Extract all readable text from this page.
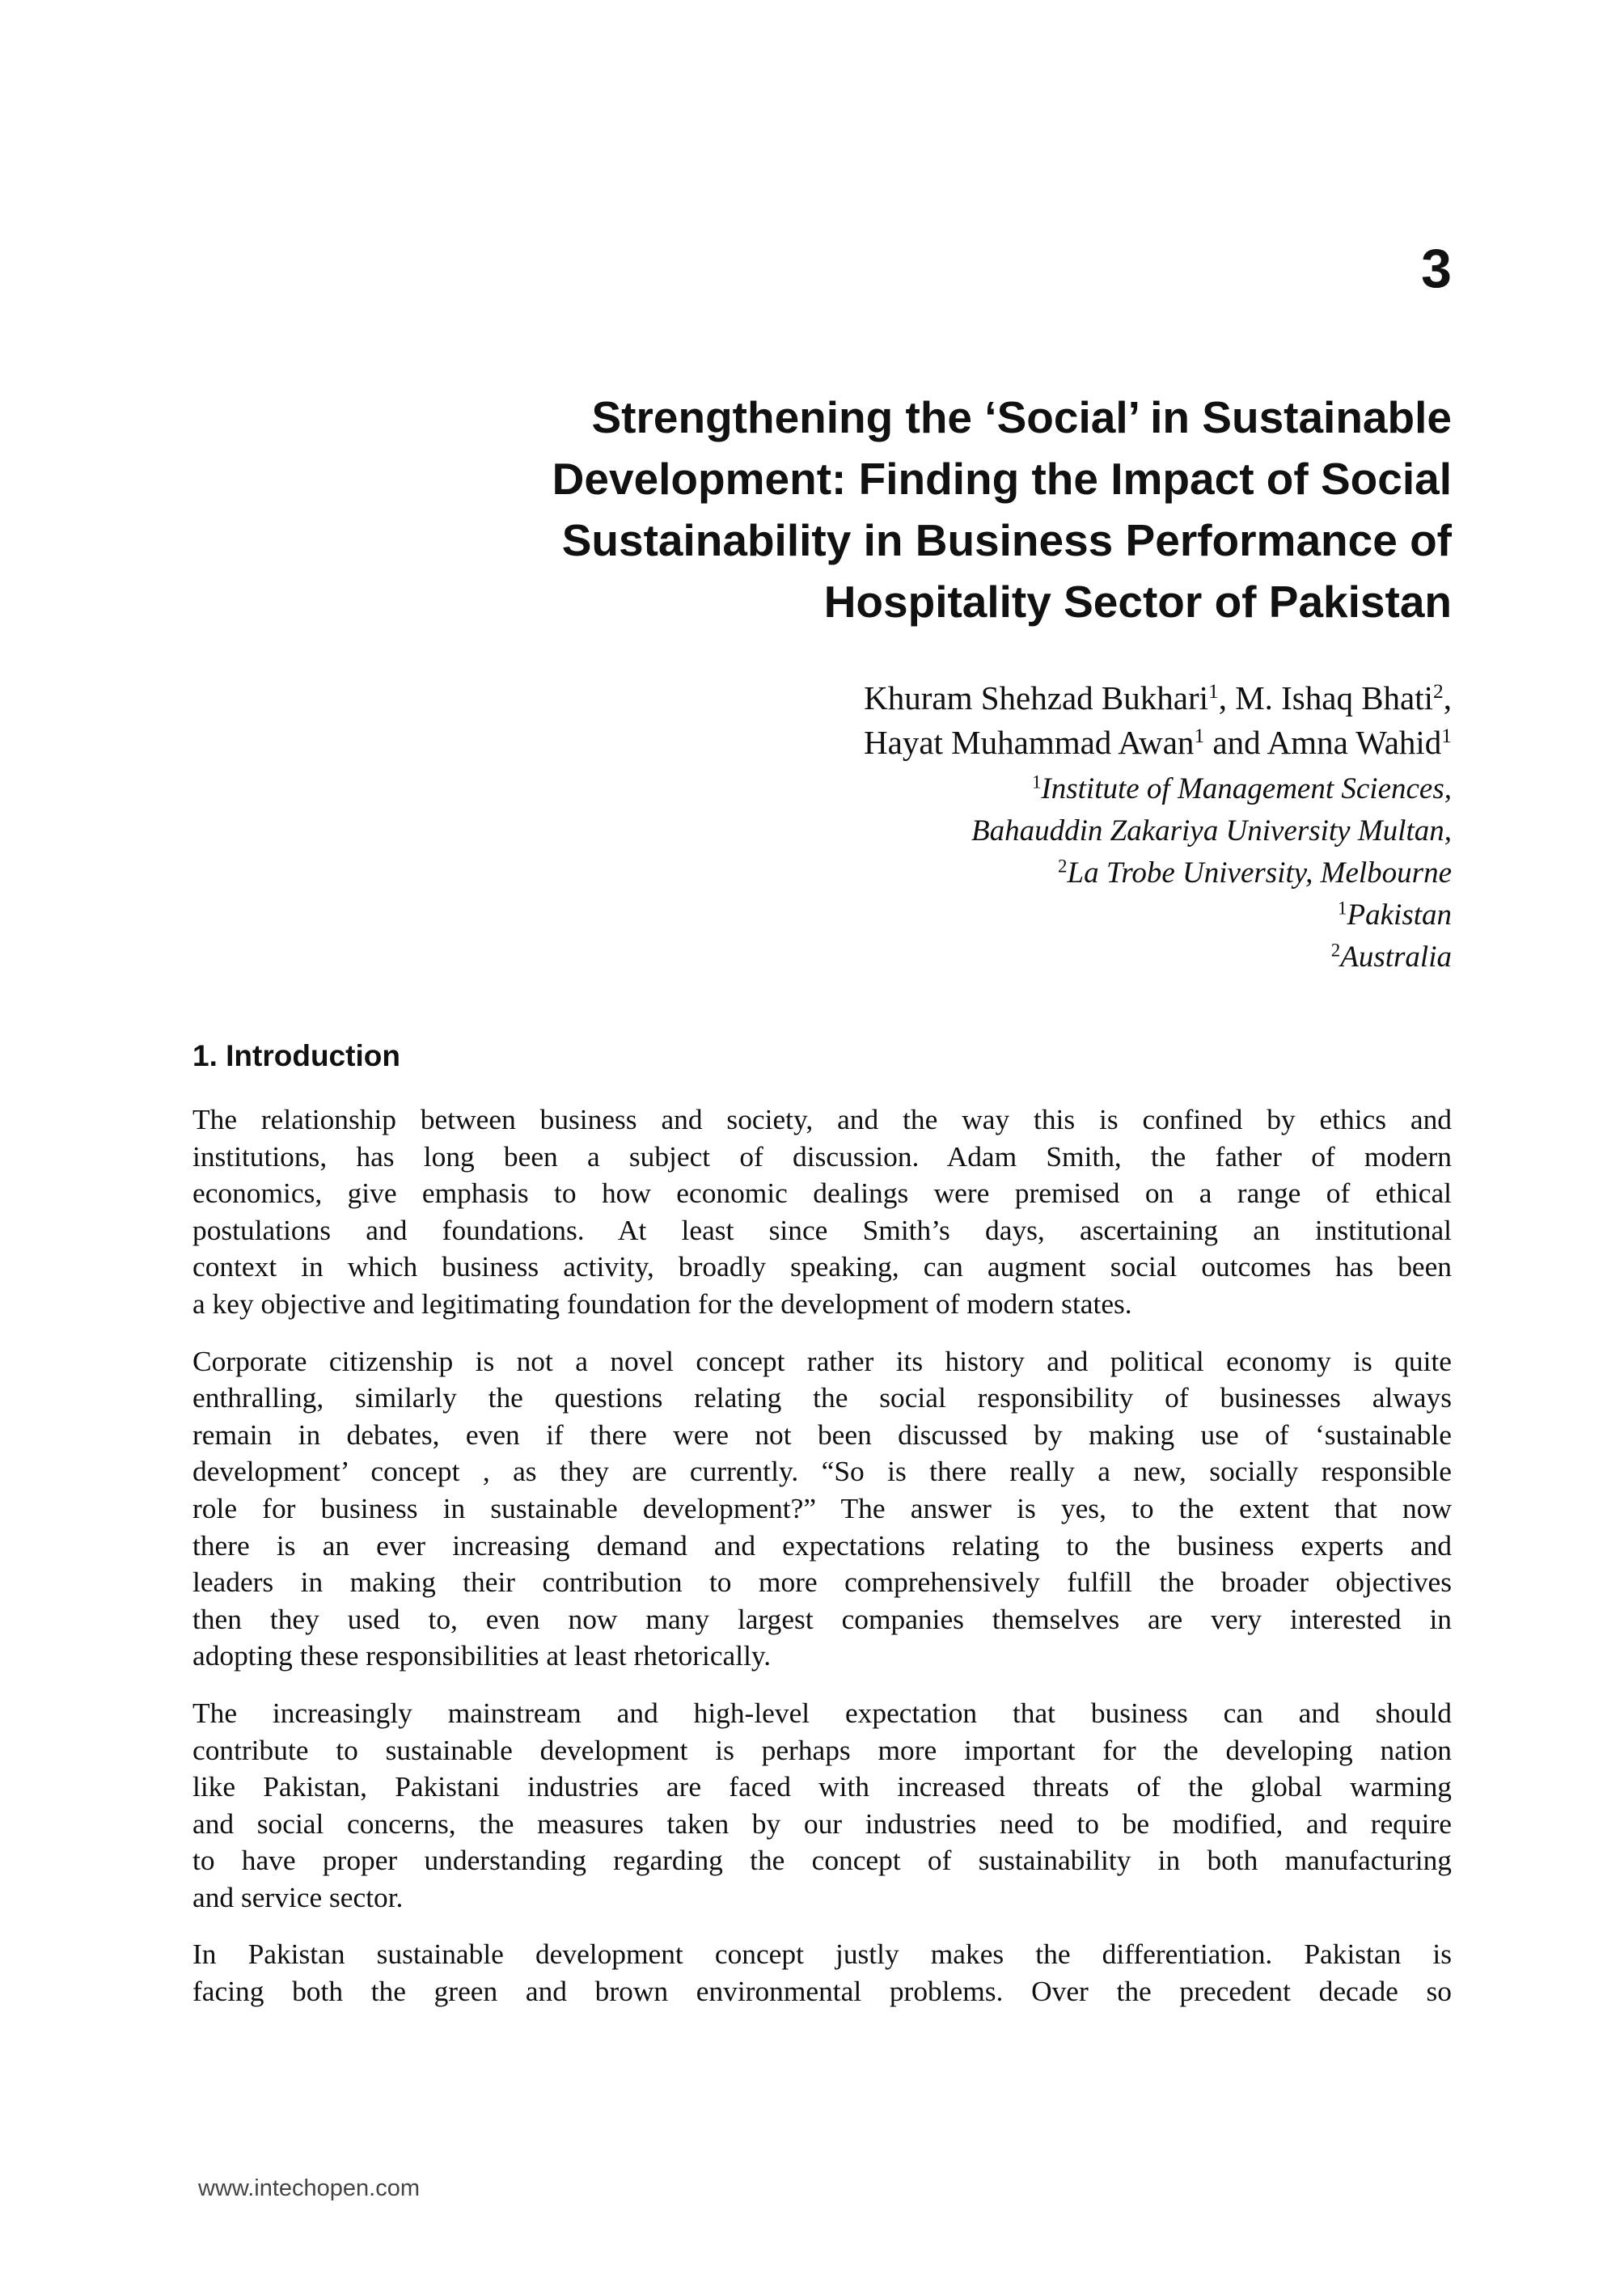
3
Strengthening the ‘Social’ in Sustainable
Development: Finding the Impact of Social
Sustainability in Business Performance of
Hospitality Sector of Pakistan
Khuram Shehzad Bukhari$^1$, M. Ishaq Bhati$^2$,
Hayat Muhammad Awan$^1$ and Amna Wahid$^1$
$^1$Institute of Management Sciences,
Bahauddin Zakariya University Multan,
$^2$La Trobe University, Melbourne
$^1$Pakistan
$^2$Australia
1. Introduction

The relationship between business and society, and the way this is confined by ethics and
institutions, has long been a subject of discussion. Adam Smith, the father of modern
economics, give emphasis to how economic dealings were premised on a range of ethical
postulations and foundations. At least since Smith’s days, ascertaining an institutional
context in which business activity, broadly speaking, can augment social outcomes has been
a key objective and legitimating foundation for the development of modern states.

Corporate citizenship is not a novel concept rather its history and political economy is quite
enthralling, similarly the questions relating the social responsibility of businesses always
remain in debates, even if there were not been discussed by making use of ‘sustainable
development’ concept , as they are currently. “So is there really a new, socially responsible
role for business in sustainable development?” The answer is yes, to the extent that now
there is an ever increasing demand and expectations relating to the business experts and
leaders in making their contribution to more comprehensively fulfill the broader objectives
then they used to, even now many largest companies themselves are very interested in
adopting these responsibilities at least rhetorically.

The increasingly mainstream and high-level expectation that business can and should
contribute to sustainable development is perhaps more important for the developing nation
like Pakistan, Pakistani industries are faced with increased threats of the global warming
and social concerns, the measures taken by our industries need to be modified, and require
to have proper understanding regarding the concept of sustainability in both manufacturing
and service sector.

In Pakistan sustainable development concept justly makes the differentiation. Pakistan is
facing both the green and brown environmental problems. Over the precedent decade so

www.intechopen.com
